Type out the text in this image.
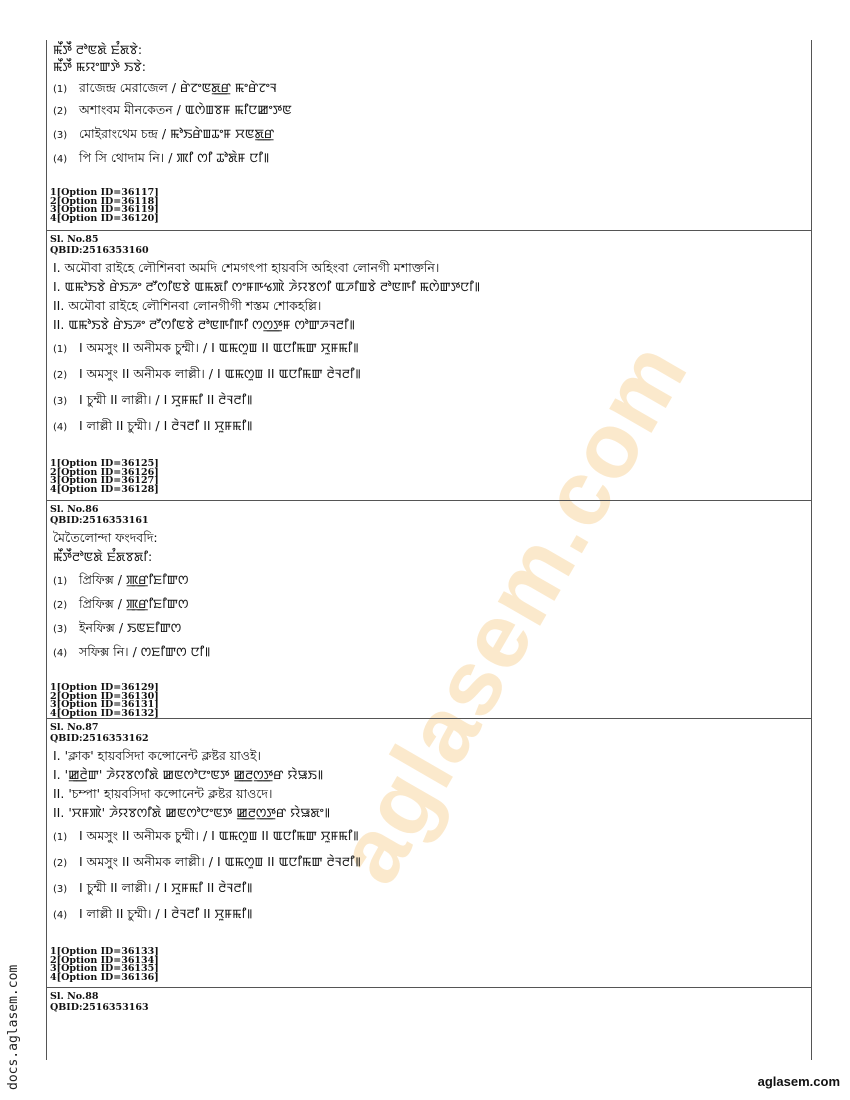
aglasem.com
ꯃꯩꯇꯩ ꯂꯣꯟꯗꯥ ꯐꯪꯗꯕꯥ:
ꯃꯩꯇꯩ ꯃꯌꯦꯛꯇꯥ ꯏꯕꯥ:
(1) রাজেন্দ্ৰ মেরাজেল / ꯔꯥꯖꯦꯟꯗ꯭ꯔ ꯃꯦꯔꯥꯖꯦꯜ
(2) অশাংবম মীনকেতন / ꯑꯁꯥꯡꯕꯝ ꯃꯤꯅꯀꯦꯇꯟ
(3) মোইরাংথেম চন্দ্ৰ / ꯃꯣꯏꯔꯥꯡꯊꯦꯝ ꯆꯟꯗ꯭ꯔ
(4) পি সি থোদাম নি। / ꯄꯤ ꯁꯤ ꯊꯣꯗꯥꯝ ꯅꯤ꯫
1[Option ID=36117]
2[Option ID=36118]
3[Option ID=36119]
4[Option ID=36120]
Sl. No.85
QBID:2516353160
I. অমৌবা রাইহে লৌশিনবা অমদি শেমগৎপা হায়বসি অহিংবা লোনগী মশাক্তনি।
I. ꯑꯃꯣꯏꯕꯥ ꯔꯥꯏꯍꯦ ꯂꯧꯁꯤꯟꯕꯥ ꯑꯃꯗꯤ ꯁꯦꯝꯒꯠꯄꯥ ꯍꯥꯌꯕꯁꯤ ꯑꯍꯤꯡꯕꯥ ꯂꯣꯟꯒꯤ ꯃꯁꯥꯛꯇꯅꯤ꯫
II. অমৌবা রাইহে লৌশিনবা লোনগীগী শস্তম শোকহল্লি।
II. ꯑꯃꯣꯏꯕꯥ ꯔꯥꯏꯍꯦ ꯂꯧꯁꯤꯟꯕꯥ ꯂꯣꯟꯒꯤꯒꯤ ꯁꯁ꯭ꯇꯝ ꯁꯣꯛꯍꯜꯂꯤ꯫
(1) I অমসুং II অনীমক চুম্মী। / I ꯑꯃꯁꯨꯡ II ꯑꯅꯤꯃꯛ ꯆꯨꯝꯃꯤ꯫
(2) I অমসুং II অনীমক লাল্লী। / I ꯑꯃꯁꯨꯡ II ꯑꯅꯤꯃꯛ ꯂꯥꯜꯂꯤ꯫
(3) I চুম্মী II লাল্লী। / I ꯆꯨꯝꯃꯤ II ꯂꯥꯜꯂꯤ꯫
(4) I লাল্লী II চুম্মী। / I ꯂꯥꯜꯂꯤ II ꯆꯨꯝꯃꯤ꯫
1[Option ID=36125]
2[Option ID=36126]
3[Option ID=36127]
4[Option ID=36128]
Sl. No.86
QBID:2516353161
মৈতৈলোন্দা ফংদবদি:
ꯃꯩꯇꯩꯂꯣꯟꯗꯥ ꯐꯪꯗꯕꯗꯤ:
(1) প্ৰিফিক্স / ꯄ꯭ꯔꯤꯐꯤꯛꯁ
(2) প্ৰিফিক্স / ꯄ꯭ꯔꯤꯐꯤꯛꯁ
(3) ইনফিক্স / ꯏꯟꯐꯤꯛꯁ
(4) সফিক্স নি। / ꯁꯐꯤꯛꯁ ꯅꯤ꯫
1[Option ID=36129]
2[Option ID=36130]
3[Option ID=36131]
4[Option ID=36132]
Sl. No.87
QBID:2516353162
I. 'ক্লাক' হায়বসিদা কন্সোনেন্ট ক্লষ্টর য়াওই।
I. 'ꯀ꯭ꯂꯥꯛ' ꯍꯥꯌꯕꯁꯤꯗꯥ ꯀꯟꯁꯣꯅꯦꯟꯇ ꯀ꯭ꯂꯁ꯭ꯇꯔ ꯌꯥꯎꯏ꯫
II. 'চম্পা' হায়বসিদা কন্সোনেন্ট ক্লষ্টর য়াওদে।
II. 'ꯆꯝꯄꯥ' ꯍꯥꯌꯕꯁꯤꯗꯥ ꯀꯟꯁꯣꯅꯦꯟꯇ ꯀ꯭ꯂꯁ꯭ꯇꯔ ꯌꯥꯎꯗꯦ꯫
(1) I অমসুং II অনীমক চুম্মী। / I ꯑꯃꯁꯨꯡ II ꯑꯅꯤꯃꯛ ꯆꯨꯝꯃꯤ꯫
(2) I অমসুং II অনীমক লাল্লী। / I ꯑꯃꯁꯨꯡ II ꯑꯅꯤꯃꯛ ꯂꯥꯜꯂꯤ꯫
(3) I চুম্মী II লাল্লী। / I ꯆꯨꯝꯃꯤ II ꯂꯥꯜꯂꯤ꯫
(4) I লাল্লী II চুম্মী। / I ꯂꯥꯜꯂꯤ II ꯆꯨꯝꯃꯤ꯫
1[Option ID=36133]
2[Option ID=36134]
3[Option ID=36135]
4[Option ID=36136]
Sl. No.88
QBID:2516353163
docs.aglasem.com	aglasem.com
